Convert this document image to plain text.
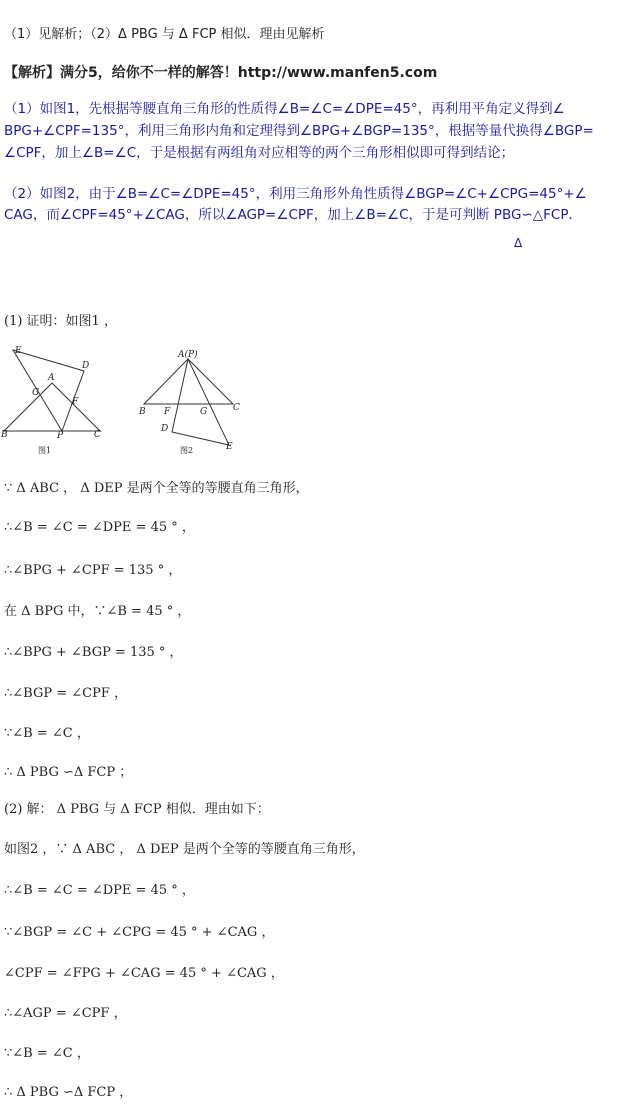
（1）见解析；（2）Δ PBG 与 Δ FCP 相似．理由见解析
【解析】满分5，给你不一样的解答！http://www.manfen5.com
（1）如图1，先根据等腰直角三角形的性质得∠B=∠C=∠DPE=45°，再利用平角定义得到∠
BPG+∠CPF=135°，利用三角形内角和定理得到∠BPG+∠BGP=135°，根据等量代换得∠BGP=
∠CPF，加上∠B=∠C，于是根据有两组角对应相等的两个三角形相似即可得到结论；
（2）如图2，由于∠B=∠C=∠DPE=45°，利用三角形外角性质得∠BGP=∠C+∠CPG=45°+∠
CAG，而∠CPF=45°+∠CAG，所以∠AGP=∠CPF，加上∠B=∠C，于是可判断 PBG∽△FCP．
Δ
E
D
A
G
F
B	P	C
图1
A(P)
B F	G	C
D
E
图2
(1) 证明：如图1 ，
∵ Δ ABC ， Δ DEP 是两个全等的等腰直角三角形，
∴∠B = ∠C = ∠DPE = 45 ° ，
∴∠BPG + ∠CPF = 135 ° ，
在 Δ BPG 中，∵∠B = 45 ° ，
∴∠BPG + ∠BGP = 135 ° ，
∴∠BGP = ∠CPF ，
∵∠B = ∠C ，
∴ Δ PBG ∽Δ FCP ；
(2) 解： Δ PBG 与 Δ FCP 相似．理由如下：
如图2 ，∵ Δ ABC ， Δ DEP 是两个全等的等腰直角三角形，
∴∠B = ∠C = ∠DPE = 45 ° ，
∵∠BGP = ∠C + ∠CPG = 45 ° + ∠CAG ，
∠CPF = ∠FPG + ∠CAG = 45 ° + ∠CAG ，
∴∠AGP = ∠CPF ，
∵∠B = ∠C ，
∴ Δ PBG ∽Δ FCP ，
